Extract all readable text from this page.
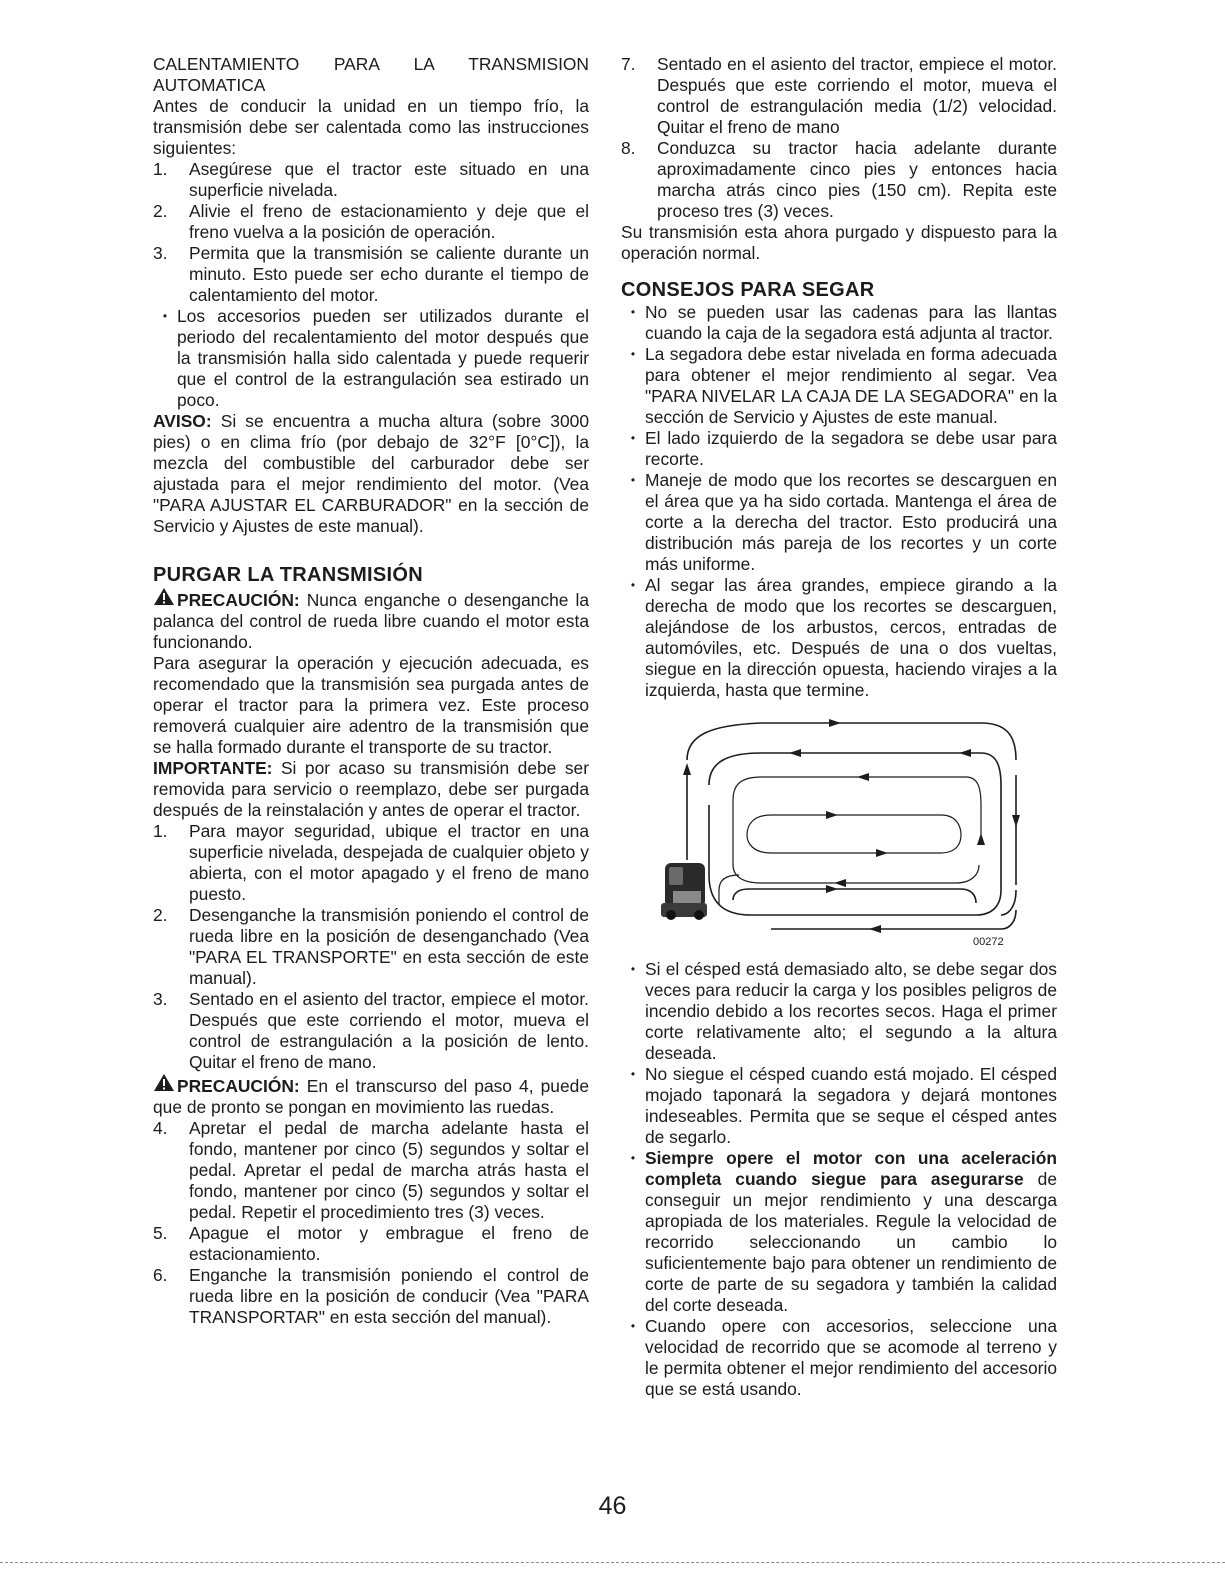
CALENTAMIENTO PARA LA TRANSMISION AUTOMATICA

Antes de conducir la unidad en un tiempo frío, la transmisión debe ser calentada como las instrucciones siguientes:

1.	Asegúrese que el tractor este situado en una superficie nivelada.
2.	Alivie el freno de estacionamiento y deje que el freno vuelva a la posición de operación.
3.	Permita que la transmisión se caliente durante un minuto. Esto puede ser echo durante el tiempo de calentamiento del motor.
• Los accesorios pueden ser utilizados durante el periodo del recalentamiento del motor después que la transmisión halla sido calentada y puede requerir que el control de la estrangulación sea estirado un poco.

AVISO: Si se encuentra a mucha altura (sobre 3000 pies) o en clima frío (por debajo de 32°F [0°C]), la mezcla del combustible del carburador debe ser ajustada para el mejor rendimiento del motor. (Vea "PARA AJUSTAR EL CARBURADOR" en la sección de Servicio y Ajustes de este manual).

PURGAR LA TRANSMISIÓN

PRECAUCIÓN: Nunca enganche o desenganche la palanca del control de rueda libre cuando el motor esta funcionando.

Para asegurar la operación y ejecución adecuada, es recomendado que la transmisión sea purgada antes de operar el tractor para la primera vez. Este proceso removerá cualquier aire adentro de la transmisión que se halla formado durante el transporte de su tractor.

IMPORTANTE: Si por acaso su transmisión debe ser removida para servicio o reemplazo, debe ser purgada después de la reinstalación y antes de operar el tractor.

1.	Para mayor seguridad, ubique el tractor en una superficie nivelada, despejada de cualquier objeto y abierta, con el motor apagado y el freno de mano puesto.
2.	Desenganche la transmisión poniendo el control de rueda libre en la posición de desenganchado (Vea "PARA EL TRANSPORTE" en esta sección de este manual).
3.	Sentado en el asiento del tractor, empiece el motor. Después que este corriendo el motor, mueva el control de estrangulación a la posición de lento. Quitar el freno de mano.

PRECAUCIÓN: En el transcurso del paso 4, puede que de pronto se pongan en movimiento las ruedas.

4.	Apretar el pedal de marcha adelante hasta el fondo, mantener por cinco (5) segundos y soltar el pedal. Apretar el pedal de marcha atrás hasta el fondo, mantener por cinco (5) segundos y soltar el pedal. Repetir el procedimiento tres (3) veces.
5.	Apague el motor y embrague el freno de estacionamiento.
6.	Enganche la transmisión poniendo el control de rueda libre en la posición de conducir (Vea "PARA TRANSPORTAR" en esta sección del manual).
7.	Sentado en el asiento del tractor, empiece el motor. Después que este corriendo el motor, mueva el control de estrangulación media (1/2) velocidad. Quitar el freno de mano
8.	Conduzca su tractor hacia adelante durante aproximadamente cinco pies y entonces hacia marcha atrás cinco pies (150 cm). Repita este proceso tres (3) veces.

Su transmisión esta ahora purgado y dispuesto para la operación normal.

CONSEJOS PARA SEGAR

• No se pueden usar las cadenas para las llantas cuando la caja de la segadora está adjunta al tractor.
• La segadora debe estar nivelada en forma adecuada para obtener el mejor rendimiento al segar. Vea "PARA NIVELAR LA CAJA DE LA SEGADORA" en la sección de Servicio y Ajustes de este manual.
• El lado izquierdo de la segadora se debe usar para recorte.
• Maneje de modo que los recortes se descarguen en el área que ya ha sido cortada. Mantenga el área de corte a la derecha del tractor. Esto producirá una distribución más pareja de los recortes y un corte más uniforme.
• Al segar las área grandes, empiece girando a la derecha de modo que los recortes se descarguen, alejándose de los arbustos, cercos, entradas de automóviles, etc. Después de una o dos vueltas, siegue en la dirección opuesta, haciendo virajes a la izquierda, hasta que termine.
00272
• Si el césped está demasiado alto, se debe segar dos veces para reducir la carga y los posibles peligros de incendio debido a los recortes secos. Haga el primer corte relativamente alto; el segundo a la altura deseada.
• No siegue el césped cuando está mojado. El césped mojado taponará la segadora y dejará montones indeseables. Permita que se seque el césped antes de segarlo.
• Siempre opere el motor con una aceleración completa cuando siegue para asegurarse de conseguir un mejor rendimiento y una descarga apropiada de los materiales. Regule la velocidad de recorrido seleccionando un cambio lo suficientemente bajo para obtener un rendimiento de corte de parte de su segadora y también la calidad del corte deseada.
• Cuando opere con accesorios, seleccione una velocidad de recorrido que se acomode al terreno y le permita obtener el mejor rendimiento del accesorio que se está usando.
46
